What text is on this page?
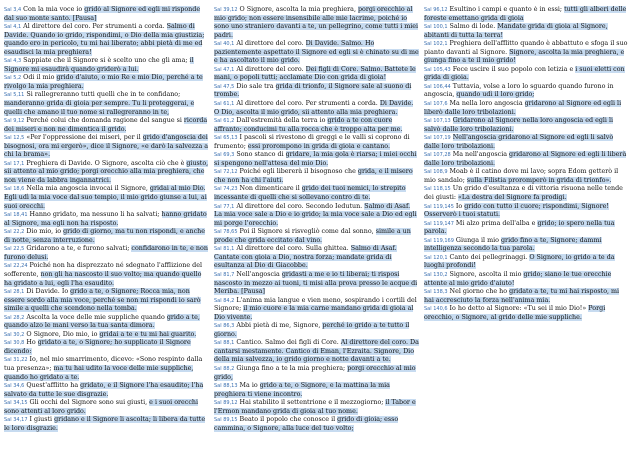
Sal 3,4 Con la mia voce io gridò al Signore ed egli mi risponde dal suo monte santo. [Pausa]

Sal 4,1 Al direttore del coro. Per strumenti a corda. Salmo di Davide. Quando io grido, rispondimi, o Dio della mia giustizia; quando ero in pericolo, tu mi hai liberato; abbi pietà di me ed esaudisci la mia preghiera!

Sal 4,3 Sappiate che il Signore si è scelto uno che gli ama; il Signore mi esaudirà quando griderò a lui.

Sal 5,2 Odi il mio grido d'aiuto, o mio Re e mio Dio, perché a te rivolgo la mia preghiera.

Sal 5,11 Si rallegreranno tutti quelli che in te confidano; manderanno grida di gioia per sempre. Tu li proteggerai, e quelli che amano il tuo nome si rallegreranno in te,

Sal 9,12 Perché colui che domanda ragione del sangue si ricorda dei miseri e non ne dimentica il grido.

Sal 12,5 «Per l'oppressione dei miseri, per il grido d'angoscia dei bisognosi, ora mi ergerò», dice il Signore, «e darò la salvezza a chi la brama».

Sal 17,1 Preghiera di Davide. O Signore, ascolta ciò che è giusto, sii attento al mio grido; porgi orecchio alla mia preghiera, che non viene da labbra ingannatrici.

Sal 18,6 Nella mia angoscia invocai il Signore, gridai al mio Dio. Egli udì la mia voce dal suo tempio, il mio grido giunse a lui, ai suoi orecchi.

Sal 18,41 Hanno gridato, ma nessuno li ha salvati; hanno gridato al Signore, ma egli non ha risposto.

Sal 22,2 Dio mio, io grido di giorno, ma tu non rispondi, e anche di notte, senza interruzione.

Sal 22,5 Gridarono a te, e furono salvati; confidarono in te, e non furono delusi.

Sal 22,24 Poiché non ha disprezzato né sdegnato l'afflizione del sofferente, non gli ha nascosto il suo volto; ma quando quello ha gridato a lui, egli l'ha esaudito.

Sal 28,1 Di Davide. Io grido a te, o Signore; Rocca mia, non essere sordo alla mia voce, perché se non mi rispondi io sarò simile a quelli che scendono nella tomba.

Sal 28,2 Ascolta la voce delle mie suppliche quando grido a te, quando alzo le mani verso la tua santa dimora.

Sal 30,2 O Signore, Dio mio, io gridai a te e tu mi hai guarito.

Sal 30,8 Ho gridato a te, o Signore; ho supplicato il Signore dicendo:

Sal 31,22 Io, nel mio smarrimento, dicevo: «Sono respinto dalla tua presenza»; ma tu hai udito la voce delle mie suppliche, quando ho gridato a te.

Sal 34,6 Quest'afflitto ha gridato, e il Signore l'ha esaudito; l'ha salvato da tutte le sue disgrazie.

Sal 34,15 Gli occhi del Signore sono sui giusti, e i suoi orecchi sono attenti al loro grido.

Sal 34,17 I giusti gridano e il Signore li ascolta; li libera da tutte le loro disgrazie.

Sal 39,12 O Signore, ascolta la mia preghiera, porgi orecchio al mio grido; non essere insensibile alle mie lacrime, poiché io sono uno straniero davanti a te, un pellegrino, come tutti i miei padri.

Sal 40,1 Al direttore del coro. Di Davide. Salmo. Ho pazientemente aspettato il Signore ed egli si è chinato su di me e ha ascoltato il mio grido.

Sal 47,1 Al direttore del coro. Dei figli di Core. Salmo. Battete le mani, o popoli tutti; acclamate Dio con grida di gioia!

Sal 47,5 Dio sale tra grida di trionfo, il Signore sale al suono di trombe.

Sal 61,1 Al direttore del coro. Per strumenti a corda. Di Davide. O Dio, ascolta il mio grido, sii attento alla mia preghiera.

Sal 61,2 Dall'estremità della terra io grido a te con cuore affranto; conducimi tu alla rocca che è troppo alta per me.

Sal 65,13 I pascoli si rivestono di greggi e le valli si coprono di frumento; essi prorompono in grida di gioia e cantano.

Sal 69,3 Sono stanco di gridare, la mia gola è riarsa; i miei occhi si spengono nell'attesa del mio Dio.

Sal 72,12 Poiché egli libererà il bisognoso che grida, e il misero che non ha chi l'aiuti.

Sal 74,23 Non dimenticare il grido dei tuoi nemici, lo strepito incessante di quelli che si sollevano contro di te.

Sal 77,1 Al direttore del coro. Secondo Iedutun. Salmo di Asaf. La mia voce sale a Dio e io grido; la mia voce sale a Dio ed egli mi porge l'orecchio.

Sal 78,65 Poi il Signore si risvegliò come dal sonno, simile a un prode che grida eccitato dal vino.

Sal 81,1 Al direttore del coro. Sulla ghittea. Salmo di Asaf. Cantate con gioia a Dio, nostra forza; mandate grida di esultanza al Dio di Giacobbe.

Sal 81,7 Nell'angoscia gridasti a me e io ti liberai; ti risposi nascosto in mezzo ai tuoni, ti misi alla prova presso le acque di Meriba. [Pausa]

Sal 84,2 L'anima mia langue e vien meno, sospirando i cortili del Signore; il mio cuore e la mia carne mandano grida di gioia al Dio vivente.

Sal 86,3 Abbi pietà di me, Signore, perché io grido a te tutto il giorno.

Sal 88,1 Cantico. Salmo dei figli di Core. Al direttore del coro. Da cantarsi mestamente. Cantico di Eman, l'Ezraita. Signore, Dio della mia salvezza, io grido giorno e notte davanti a te.

Sal 88,2 Giunga fino a te la mia preghiera; porgi orecchio al mio grido,

Sal 88,13 Ma io grido a te, o Signore, e la mattina la mia preghiera ti viene incontro.

Sal 89,12 Hai stabilito il settentrione e il mezzogiorno; il Tabor e l'Ermon mandano grida di gioia al tuo nome.

Sal 89,15 Beato il popolo che conosce il grido di gioia; esso cammina, o Signore, alla luce del tuo volto;

Sal 96,12 Esultino i campi e quanto è in essi; tutti gli alberi delle foreste emettano grida di gioia

Sal 100,1 Salmo di lode. Mandate grida di gioia al Signore, abitanti di tutta la terra!

Sal 102,1 Preghiera dell'afflitto quando è abbattuto e sfoga il suo pianto davanti al Signore. Signore, ascolta la mia preghiera, e giunga fino a te il mio grido!

Sal 105,43 Fece uscire il suo popolo con letizia e i suoi eletti con grida di gioia.

Sal 106,44 Tuttavia, volse a loro lo sguardo quando furono in angoscia, quando udì il loro grido;

Sal 107,6 Ma nella loro angoscia gridarono al Signore ed egli li liberò dalle loro tribolazioni.

Sal 107,13 Gridarono al Signore nella loro angoscia ed egli li salvò dalle loro tribolazioni.

Sal 107,19 Nell'angoscia gridarono al Signore ed egli li salvò dalle loro tribolazioni.

Sal 107,28 Ma nell'angoscia gridarono al Signore ed egli li liberà dalle loro tribolazioni.

Sal 108,9 Moab è il catino dove mi lavo; sopra Edom getterò il mio sandalo; sulla Filistia proromperò in grida di trionfo».

Sal 118,15 Un grido d'esultanza e di vittoria risuona nelle tende dei giusti: «La destra del Signore fa prodigi.

Sal 119,145 Io grido con tutto il cuore; rispondimi, Signore! Osserverò i tuoi statuti.

Sal 119,147 Mi alzo prima dell'alba e grido; io spero nella tua parola.

Sal 119,169 Giunga il mio grido fino a te, Signore; dammi intelligenza secondo la tua parola.

Sal 120,1 Canto dei pellegrinaggi. O Signore, io grido a te da luoghi profondi!

Sal 130,2 Signore, ascolta il mio grido; siano le tue orecchie attente al mio grido d'aiuto!

Sal 138,3 Nel giorno che ho gridato a te, tu mi hai risposto, mi hai accresciuto la forza nell'anima mia.

Sal 140,6 Io ho detto al Signore: «Tu sei il mio Dio!» Porgi orecchio, o Signore, al grido delle mie suppliche.
